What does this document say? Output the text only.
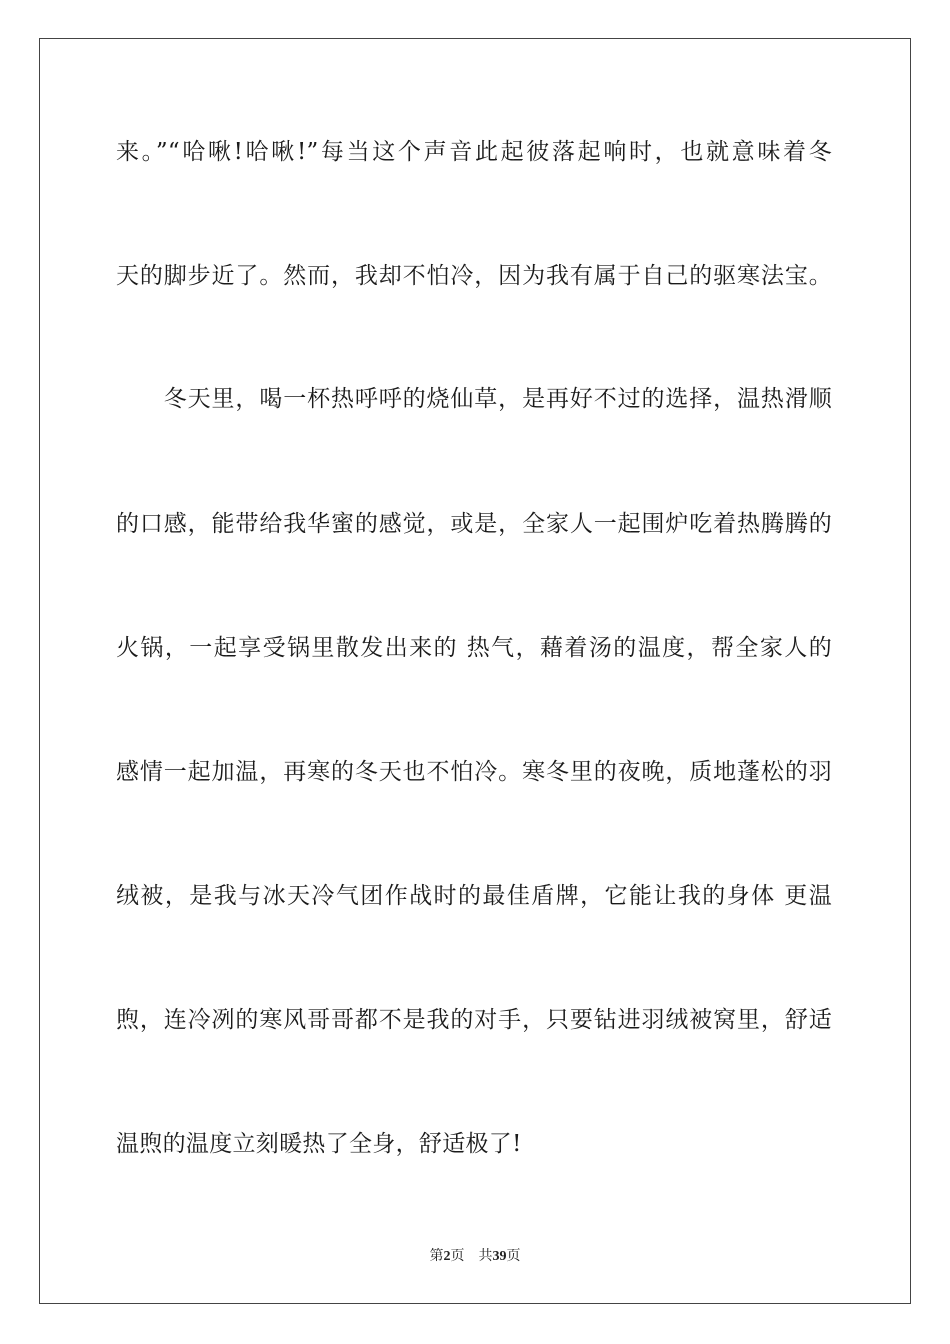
来。”“哈啾!哈啾!”每当这个声音此起彼落起响时，也就意味着冬
天的脚步近了。然而，我却不怕冷，因为我有属于自己的驱寒法宝。
　　冬天里，喝一杯热呼呼的烧仙草，是再好不过的选择，温热滑顺
的口感，能带给我华蜜的感觉，或是，全家人一起围炉吃着热腾腾的
火锅，一起享受锅里散发出来的 热气，藉着汤的温度，帮全家人的
感情一起加温，再寒的冬天也不怕冷。寒冬里的夜晚，质地蓬松的羽
绒被，是我与冰天冷气团作战时的最佳盾牌，它能让我的身体 更温
煦，连冷冽的寒风哥哥都不是我的对手，只要钻进羽绒被窝里，舒适
温煦的温度立刻暖热了全身，舒适极了!
第2页 共39页
